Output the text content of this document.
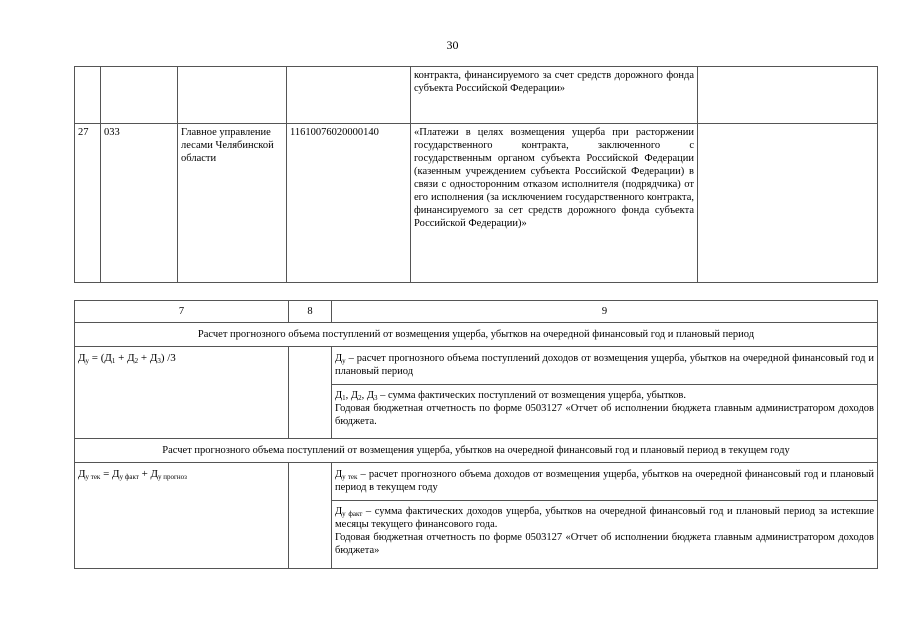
30
				контракта, финансируемого за счет средств дорожного фонда субъекта Российской Федерации»	
27	033	Главное управление лесами Челябинской области	11610076020000140	«Платежи в целях возмещения ущерба при расторжении государственного контракта, заключенного с государственным органом субъекта Российской Федерации (казенным учреждением субъекта Российской Федерации) в связи с односторонним отказом исполнителя (подрядчика) от его исполнения (за исключением государственного контракта, финансируемого за сет средств дорожного фонда субъекта Российской Федерации)»	
7	8	9
Расчет прогнозного объема поступлений от возмещения ущерба, убытков на очередной финансовый год и плановый период		
$Д_у = (Д_1 + Д_2 + Д_3)$ /3		$Д_у$ – расчет прогнозного объема поступлений доходов от возмещения ущерба, убытков на очередной финансовый год и плановый период
		$Д_1$, $Д_2$, $Д_3$ – сумма фактических поступлений от возмещения ущерба, убытков.
Годовая бюджетная отчетность по форме 0503127 «Отчет об исполнении бюджета главным администратором доходов бюджета.
Расчет прогнозного объема поступлений от возмещения ущерба, убытков на очередной финансовый год и плановый период в текущем году		
$Д_{у тек} = Д_{у факт} + Д_{у прогноз}$		$Д_{у тек}$ – расчет прогнозного объема доходов от возмещения ущерба, убытков на очередной финансовый год и плановый период в текущем году
		$Д_{у факт}$ – сумма фактических доходов ущерба, убытков на очередной финансовый год и плановый период за истекшие месяцы текущего финансового года.
Годовая бюджетная отчетность по форме 0503127 «Отчет об исполнении бюджета главным администратором доходов бюджета»
